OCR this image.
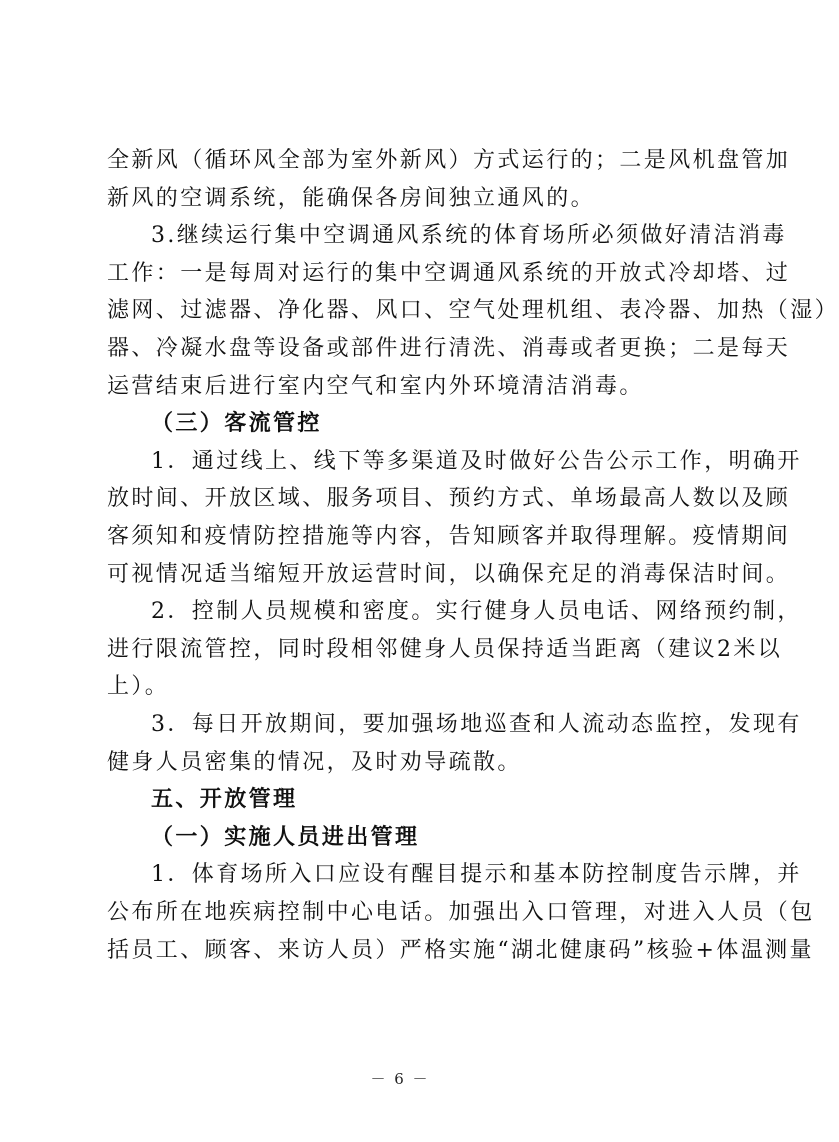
全新风（循环风全部为室外新风）方式运行的；二是风机盘管加
新风的空调系统，能确保各房间独立通风的。
3.继续运行集中空调通风系统的体育场所必须做好清洁消毒
工作：一是每周对运行的集中空调通风系统的开放式冷却塔、过
滤网、过滤器、净化器、风口、空气处理机组、表冷器、加热（湿）
器、冷凝水盘等设备或部件进行清洗、消毒或者更换；二是每天
运营结束后进行室内空气和室内外环境清洁消毒。
（三）客流管控
1．通过线上、线下等多渠道及时做好公告公示工作，明确开
放时间、开放区域、服务项目、预约方式、单场最高人数以及顾
客须知和疫情防控措施等内容，告知顾客并取得理解。疫情期间
可视情况适当缩短开放运营时间，以确保充足的消毒保洁时间。
2．控制人员规模和密度。实行健身人员电话、网络预约制，
进行限流管控，同时段相邻健身人员保持适当距离（建议2米以
上）。
3．每日开放期间，要加强场地巡查和人流动态监控，发现有
健身人员密集的情况，及时劝导疏散。
五、开放管理
（一）实施人员进出管理
1．体育场所入口应设有醒目提示和基本防控制度告示牌，并
公布所在地疾病控制中心电话。加强出入口管理，对进入人员（包
括员工、顾客、来访人员）严格实施“湖北健康码”核验+体温测量
－ 6 －
